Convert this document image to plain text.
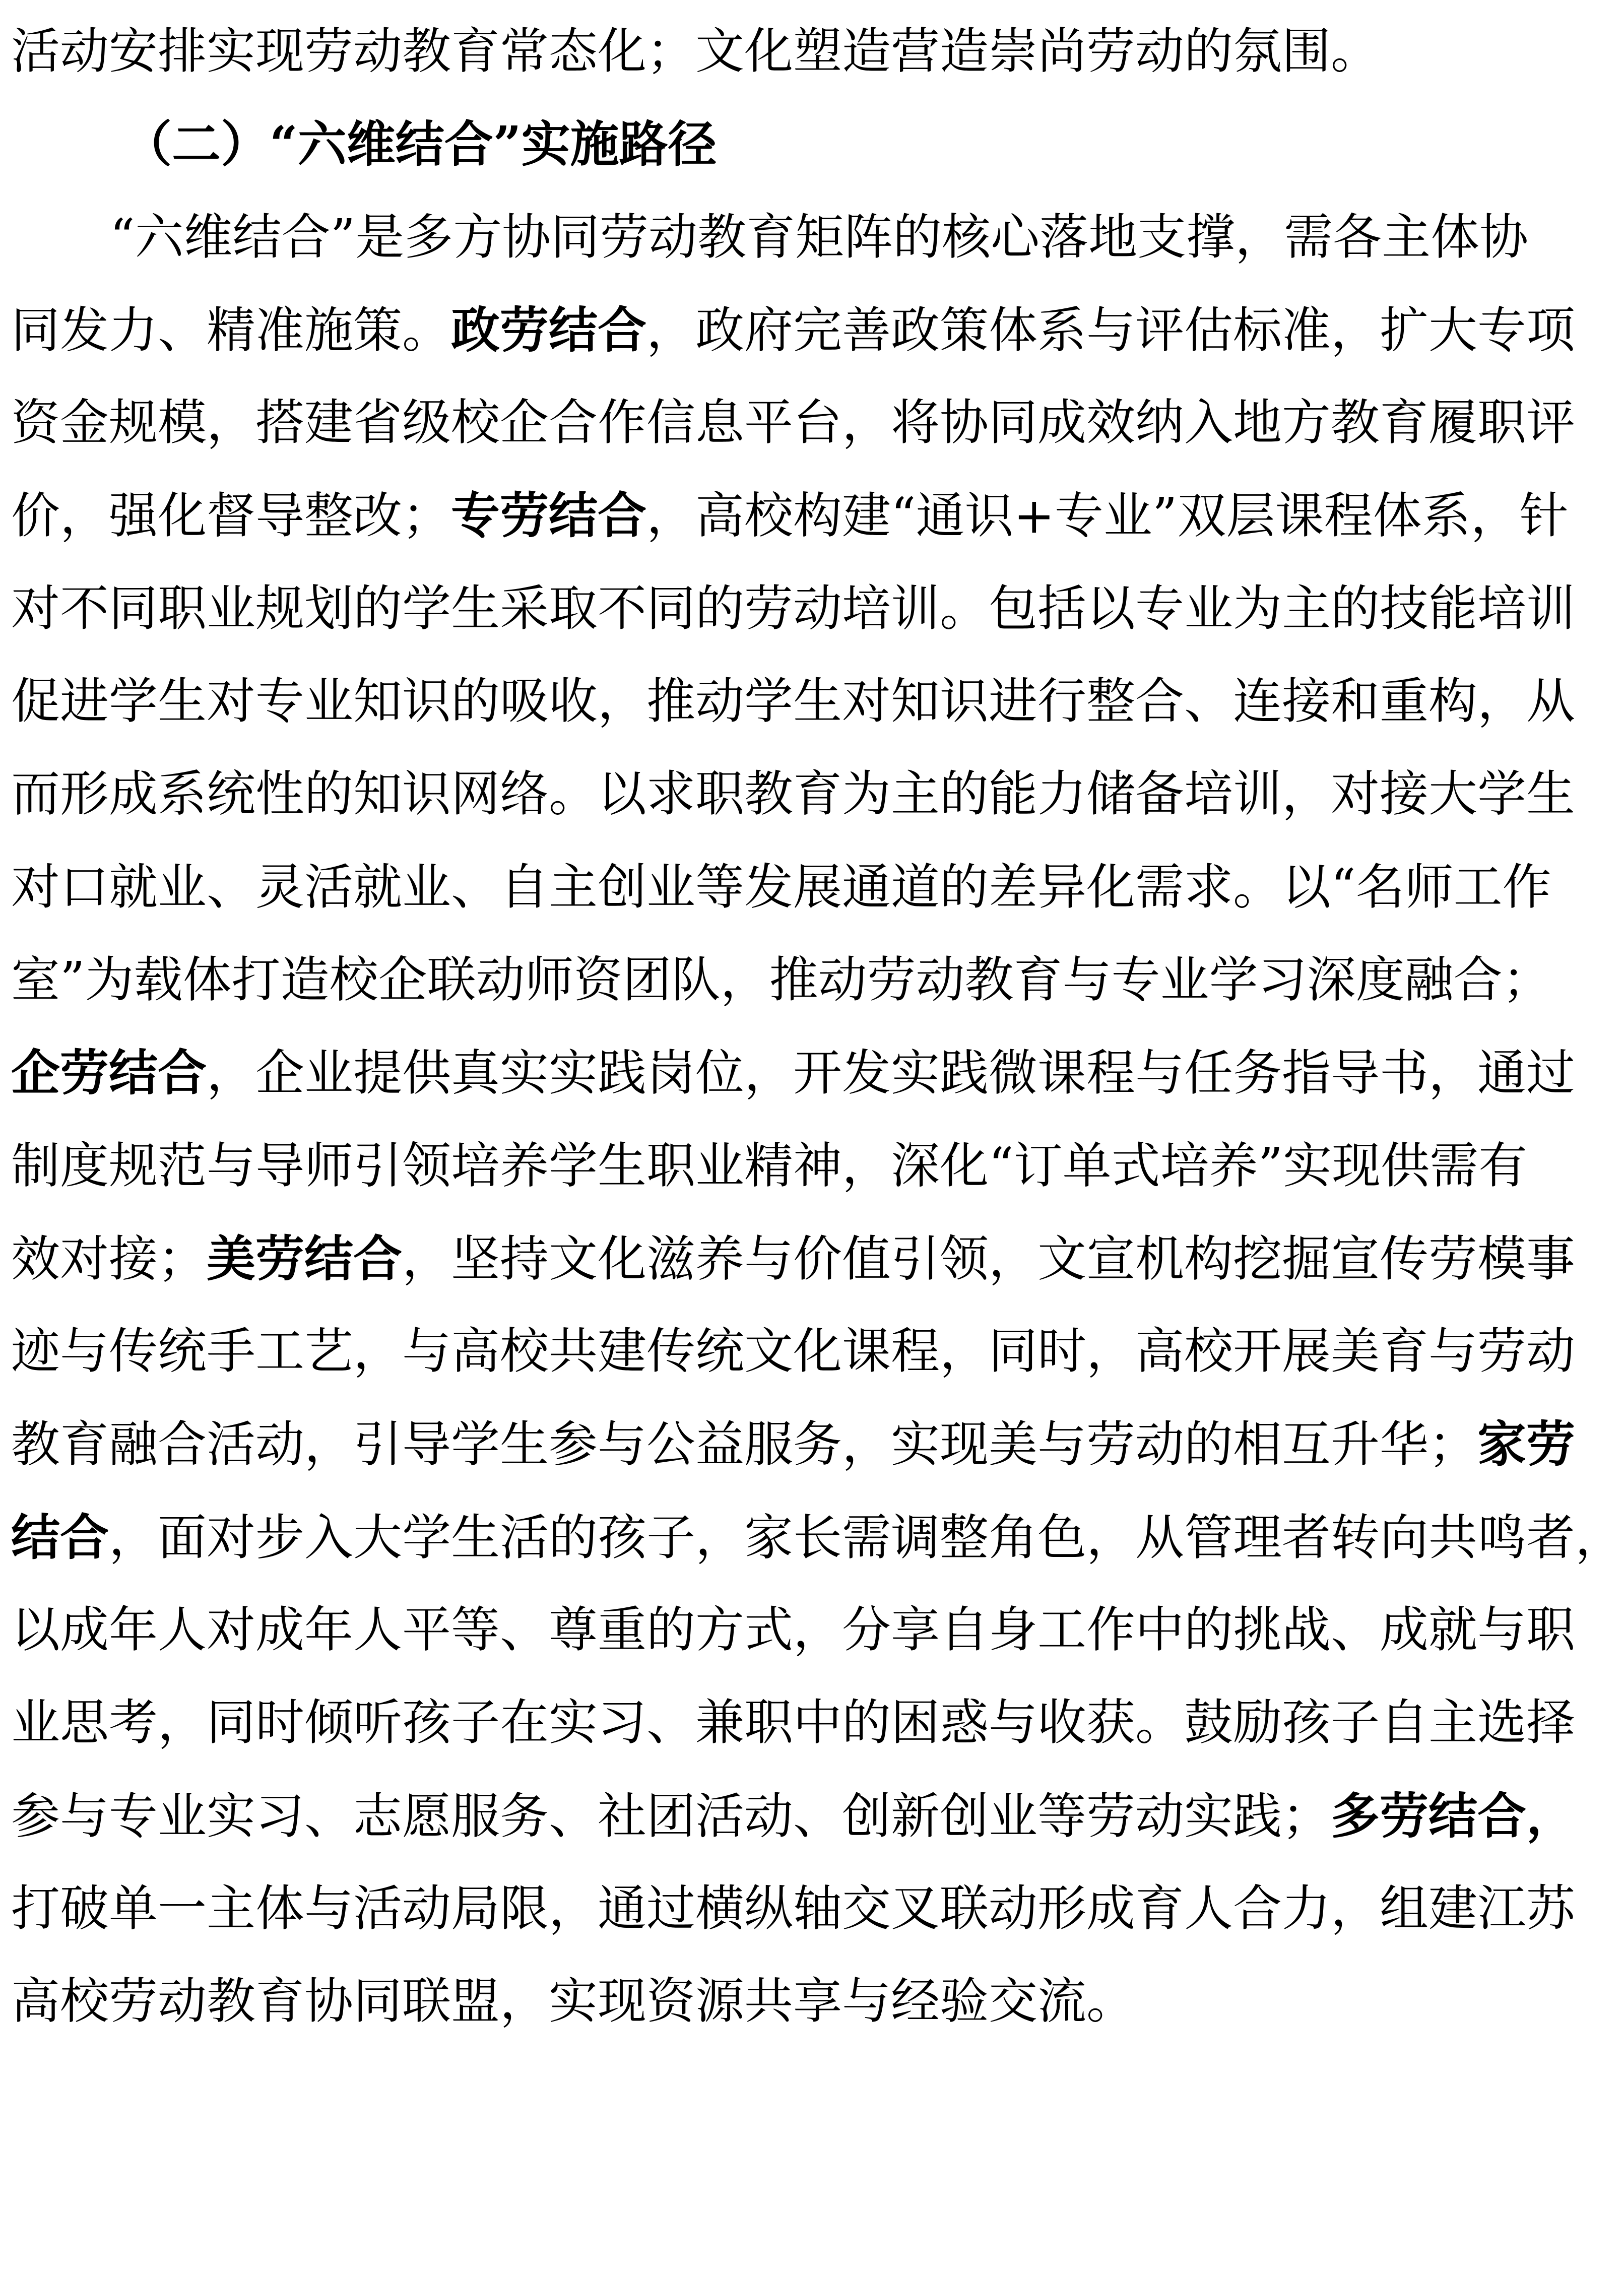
活动安排实现劳动教育常态化；文化塑造营造崇尚劳动的氛围。
（二）“六维结合”实施路径
“六维结合”是多方协同劳动教育矩阵的核心落地支撑，需各主体协
同发力、精准施策。政劳结合，政府完善政策体系与评估标准，扩大专项
资金规模，搭建省级校企合作信息平台，将协同成效纳入地方教育履职评
价，强化督导整改；专劳结合，高校构建“通识+专业”双层课程体系，针
对不同职业规划的学生采取不同的劳动培训。包括以专业为主的技能培训
促进学生对专业知识的吸收，推动学生对知识进行整合、连接和重构，从
而形成系统性的知识网络。以求职教育为主的能力储备培训，对接大学生
对口就业、灵活就业、自主创业等发展通道的差异化需求。以“名师工作
室”为载体打造校企联动师资团队，推动劳动教育与专业学习深度融合；
企劳结合，企业提供真实实践岗位，开发实践微课程与任务指导书，通过
制度规范与导师引领培养学生职业精神，深化“订单式培养”实现供需有
效对接；美劳结合，坚持文化滋养与价值引领，文宣机构挖掘宣传劳模事
迹与传统手工艺，与高校共建传统文化课程，同时，高校开展美育与劳动
教育融合活动，引导学生参与公益服务，实现美与劳动的相互升华；家劳
结合，面对步入大学生活的孩子，家长需调整角色，从管理者转向共鸣者，
以成年人对成年人平等、尊重的方式，分享自身工作中的挑战、成就与职
业思考，同时倾听孩子在实习、兼职中的困惑与收获。鼓励孩子自主选择
参与专业实习、志愿服务、社团活动、创新创业等劳动实践；多劳结合，
打破单一主体与活动局限，通过横纵轴交叉联动形成育人合力，组建江苏
高校劳动教育协同联盟，实现资源共享与经验交流。
